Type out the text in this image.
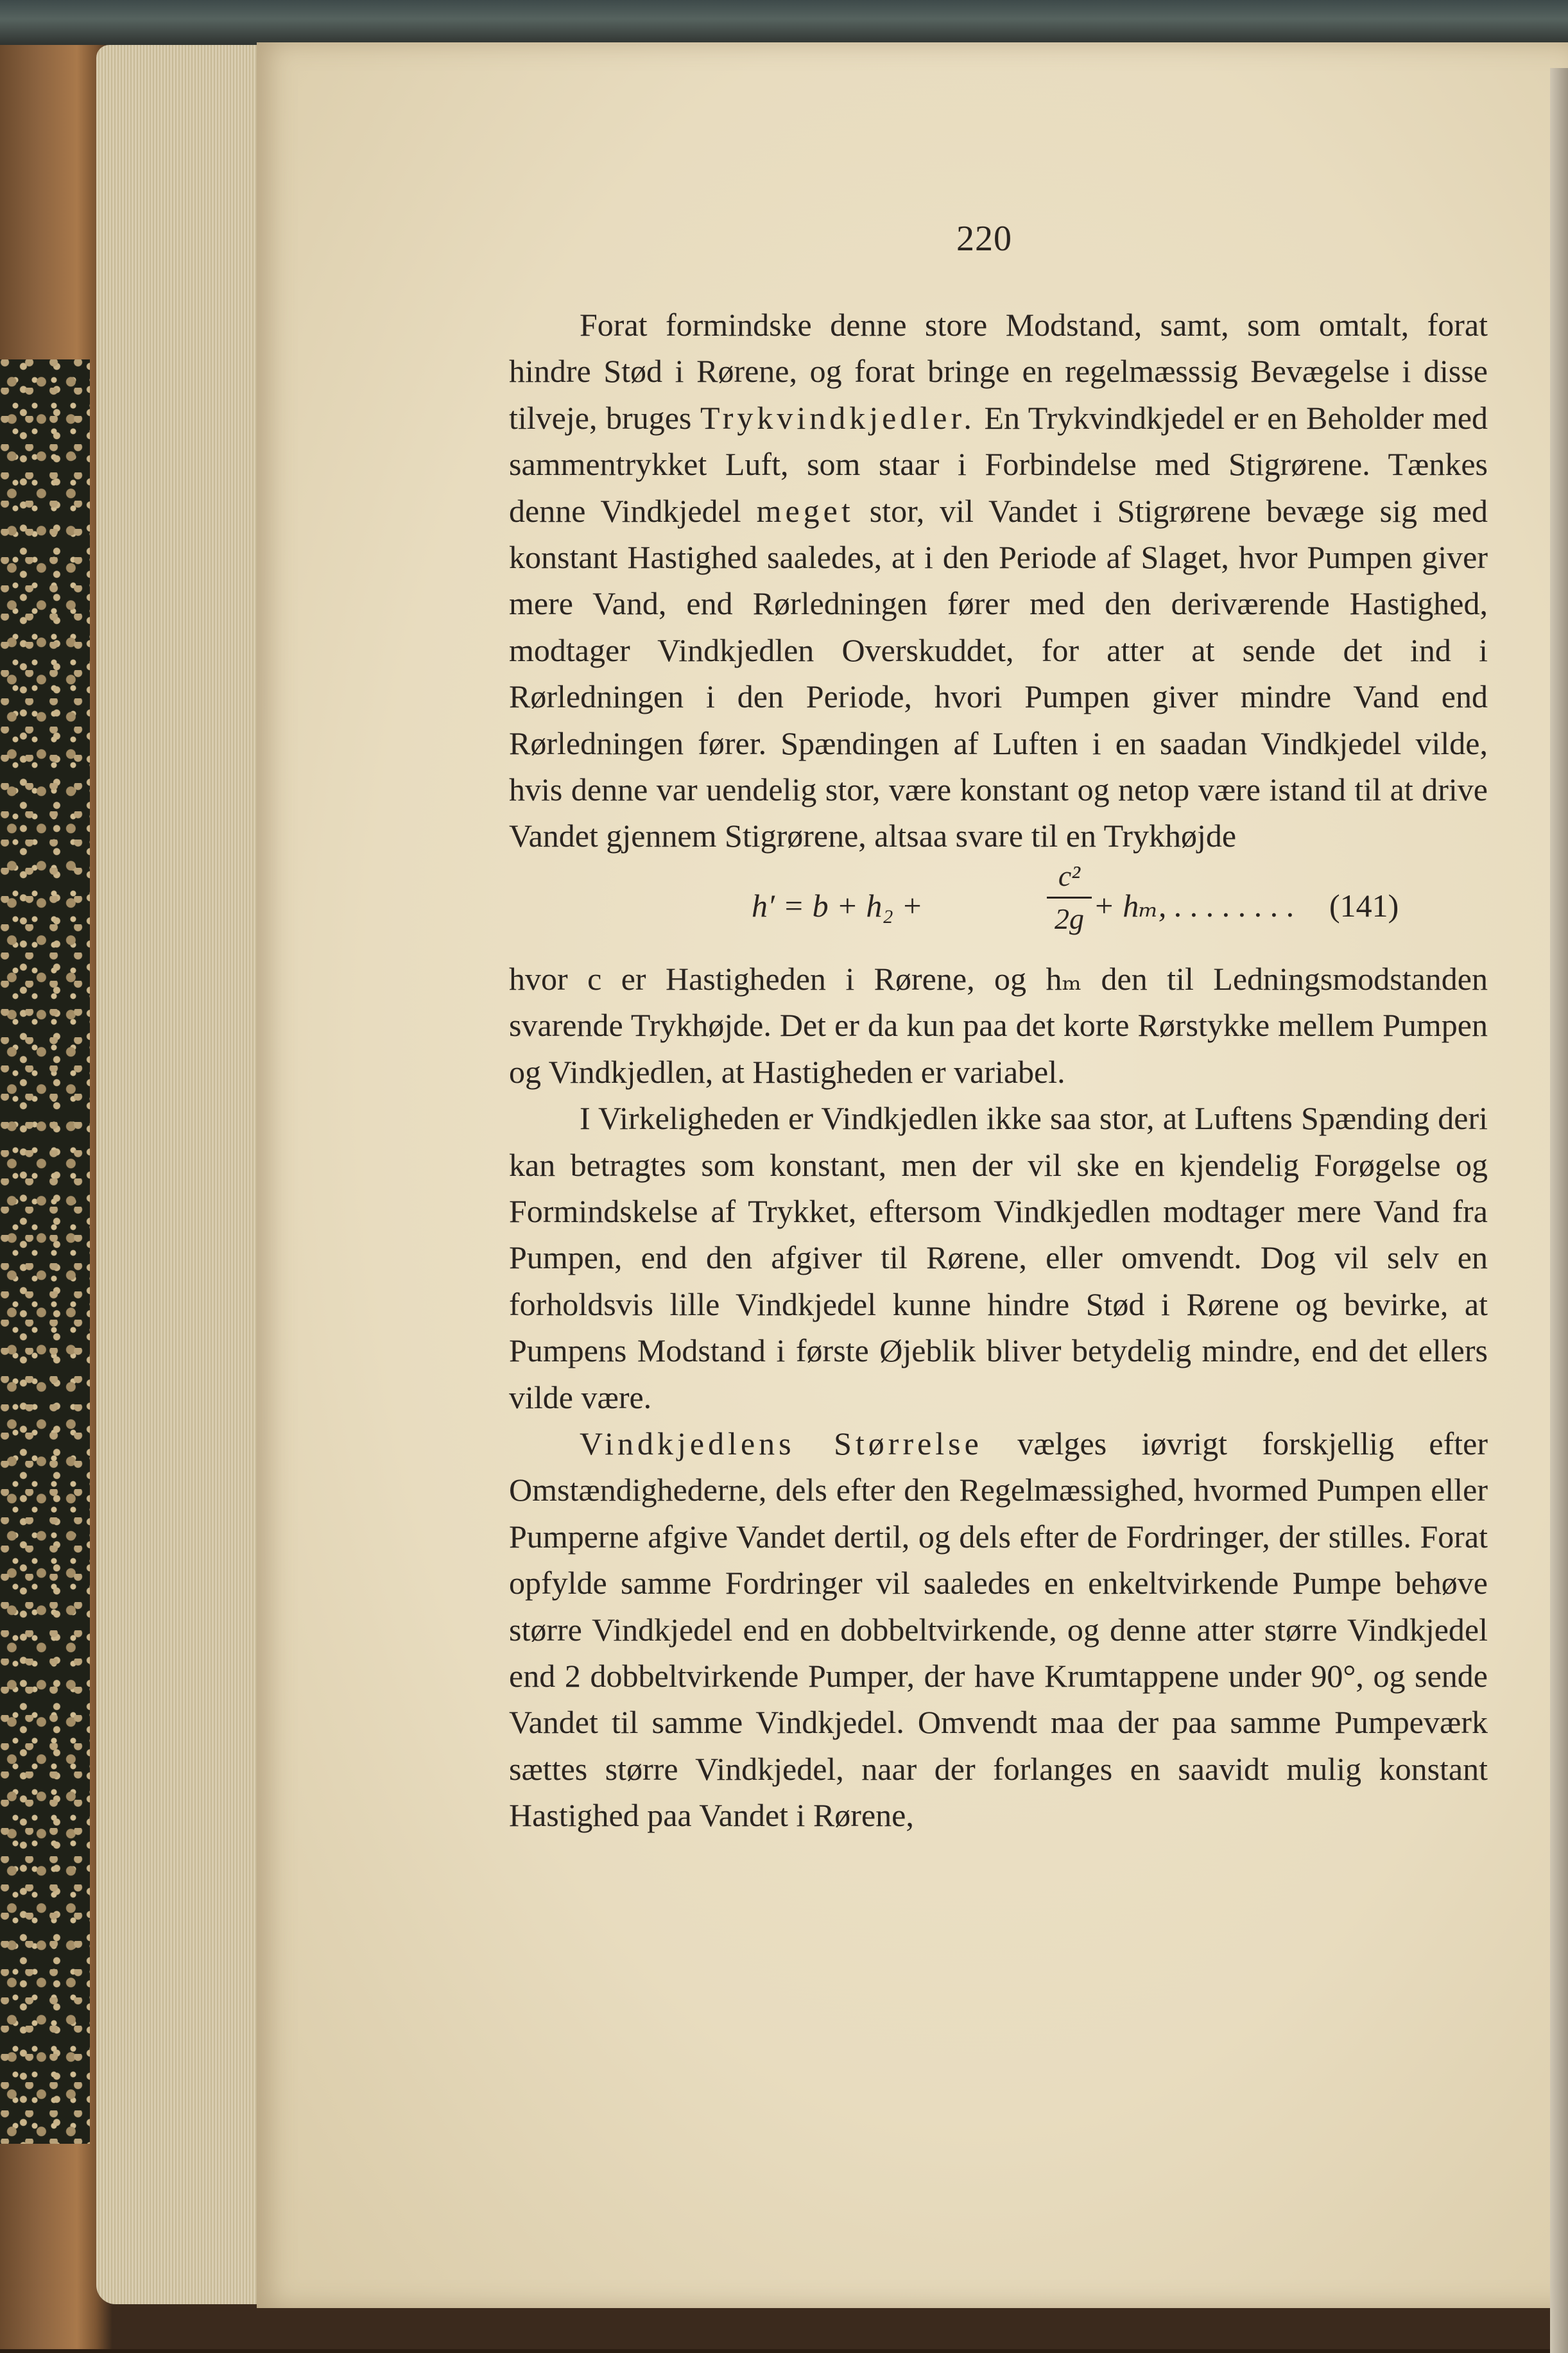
220

Forat formindske denne store Modstand, samt, som omtalt, forat hindre Stød i Rørene, og forat bringe en regelmæsssig Bevægelse i disse tilveje, bruges Trykvindkjedler. En Trykvindkjedel er en Beholder med sammentrykket Luft, som staar i Forbindelse med Stigrørene. Tænkes denne Vindkjedel meget stor, vil Vandet i Stigrørene bevæge sig med konstant Hastighed saaledes, at i den Periode af Slaget, hvor Pumpen giver mere Vand, end Rørledningen fører med den deriværende Hastighed, modtager Vindkjedlen Overskuddet, for atter at sende det ind i Rørledningen i den Periode, hvori Pumpen giver mindre Vand end Rørledningen fører. Spændingen af Luften i en saadan Vindkjedel vilde, hvis denne var uendelig stor, være konstant og netop være istand til at drive Vandet gjennem Stigrørene, altsaa svare til en Trykhøjde

h′ = b + h₂ +
c²
2g + hₘ, . . . . . . . . (141)

hvor c er Hastigheden i Rørene, og hₘ den til Ledningsmodstanden svarende Trykhøjde. Det er da kun paa det korte Rørstykke mellem Pumpen og Vindkjedlen, at Hastigheden er variabel.

I Virkeligheden er Vindkjedlen ikke saa stor, at Luftens Spænding deri kan betragtes som konstant, men der vil ske en kjendelig Forøgelse og Formindskelse af Trykket, eftersom Vindkjedlen modtager mere Vand fra Pumpen, end den afgiver til Rørene, eller omvendt. Dog vil selv en forholdsvis lille Vindkjedel kunne hindre Stød i Rørene og bevirke, at Pumpens Modstand i første Øjeblik bliver betydelig mindre, end det ellers vilde være.

Vindkjedlens Størrelse vælges iøvrigt forskjellig efter Omstændighederne, dels efter den Regelmæssighed, hvormed Pumpen eller Pumperne afgive Vandet dertil, og dels efter de Fordringer, der stilles. Forat opfylde samme Fordringer vil saaledes en enkeltvirkende Pumpe behøve større Vindkjedel end en dobbeltvirkende, og denne atter større Vindkjedel end 2 dobbeltvirkende Pumper, der have Krumtappene under 90°, og sende Vandet til samme Vindkjedel. Omvendt maa der paa samme Pumpeværk sættes større Vindkjedel, naar der forlanges en saavidt mulig konstant Hastighed paa Vandet i Rørene,
